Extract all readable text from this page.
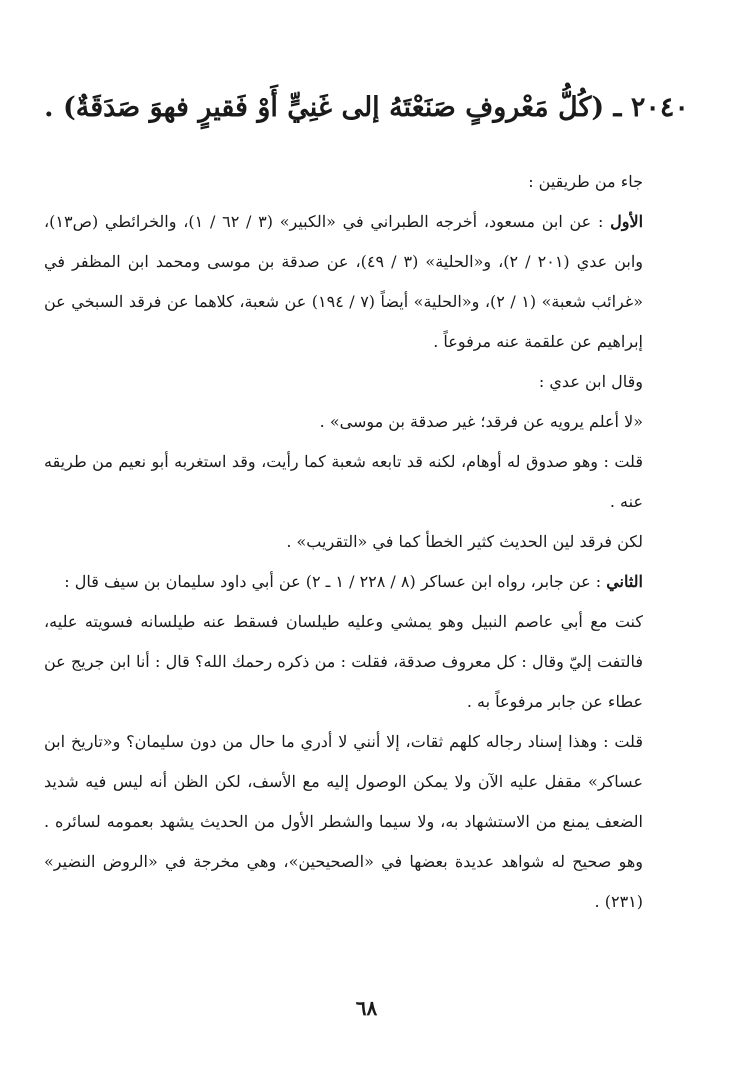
٢٠٤٠ ـ (كُلُّ مَعْروفٍ صَنَعْتَهُ إلى غَنِيٍّ أَوْ فَقيرٍ فهوَ صَدَقَةٌ) .

جاء من طريقين :

الأول : عن ابن مسعود، أخرجه الطبراني في «الكبير» (٣ / ٦٢ / ١)، والخرائطي (ص١٣)، وابن عدي (٢٠١ / ٢)، و«الحلية» (٣ / ٤٩)، عن صدقة بن موسى ومحمد ابن المظفر في «غرائب شعبة» (١ / ٢)، و«الحلية» أيضاً (٧ / ١٩٤) عن شعبة، كلاهما عن فرقد السبخي عن إبراهيم عن علقمة عنه مرفوعاً .

وقال ابن عدي :

«لا أعلم يرويه عن فرقد؛ غير صدقة بن موسى» .

قلت : وهو صدوق له أوهام، لكنه قد تابعه شعبة كما رأيت، وقد استغربه أبو نعيم من طريقه عنه .

لكن فرقد لين الحديث كثير الخطأ كما في «التقريب» .

الثاني : عن جابر، رواه ابن عساكر (٨ / ٢٢٨ / ١ ـ ٢) عن أبي داود سليمان بن سيف قال :

كنت مع أبي عاصم النبيل وهو يمشي وعليه طيلسان فسقط عنه طيلسانه فسويته عليه، فالتفت إليّ وقال : كل معروف صدقة، فقلت : من ذكره رحمك الله؟ قال : أنا ابن جريج عن عطاء عن جابر مرفوعاً به .

قلت : وهذا إسناد رجاله كلهم ثقات، إلا أنني لا أدري ما حال من دون سليمان؟ و«تاريخ ابن عساكر» مقفل عليه الآن ولا يمكن الوصول إليه مع الأسف، لكن الظن أنه ليس فيه شديد الضعف يمنع من الاستشهاد به، ولا سيما والشطر الأول من الحديث يشهد بعمومه لسائره . وهو صحيح له شواهد عديدة بعضها في «الصحيحين»، وهي مخرجة في «الروض النضير» (٢٣١) .

٦٨
